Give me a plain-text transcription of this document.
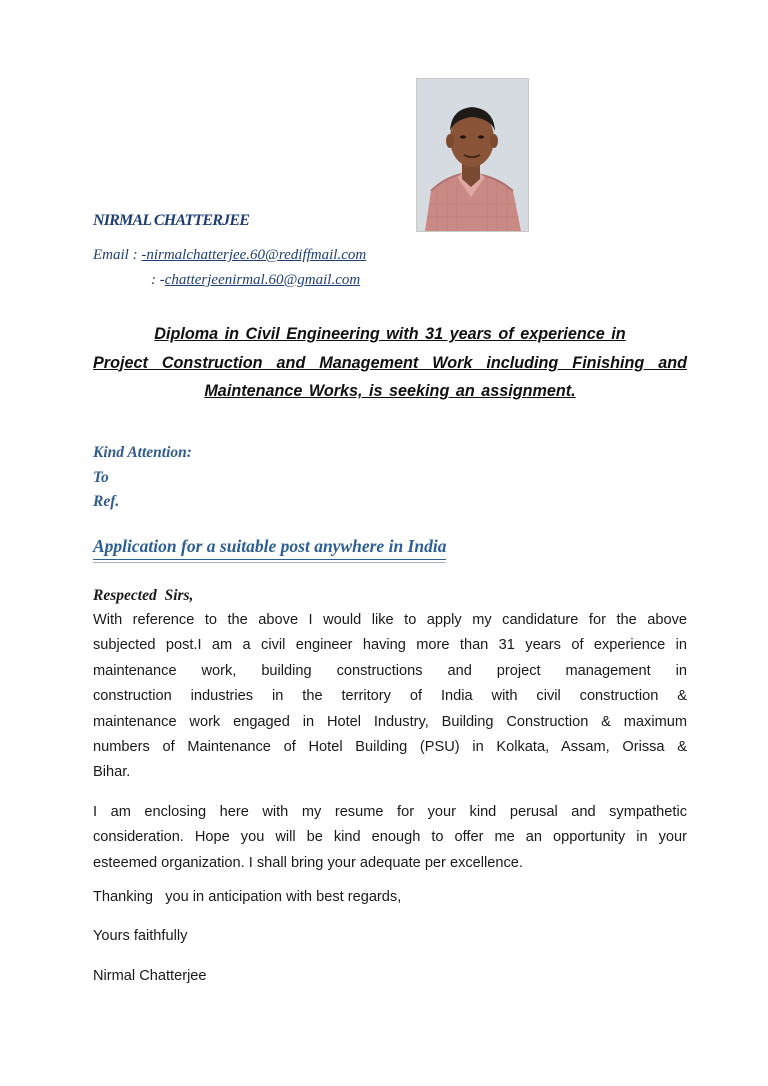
NIRMAL CHATTERJEE
Email : -nirmalchatterjee.60@rediffmail.com
: -chatterjeenirmal.60@gmail.com
Diploma in Civil Engineering with 31 years of experience in
Project Construction and Management Work including Finishing and
Maintenance Works, is seeking an assignment.
Kind Attention:
To
Ref.
Application for a suitable post anywhere in India
Respected Sirs,
With reference to the above I would like to apply my candidature for the above
subjected post.I am a civil engineer having more than 31 years of experience in
maintenance work, building constructions and project management in
construction industries in the territory of India with civil construction &
maintenance work engaged in Hotel Industry, Building Construction & maximum
numbers of Maintenance of Hotel Building (PSU) in Kolkata, Assam, Orissa &
Bihar.
I am enclosing here with my resume for your kind perusal and sympathetic
consideration. Hope you will be kind enough to offer me an opportunity in your
esteemed organization. I shall bring your adequate per excellence.
Thanking   you in anticipation with best regards,
Yours faithfully
Nirmal Chatterjee
